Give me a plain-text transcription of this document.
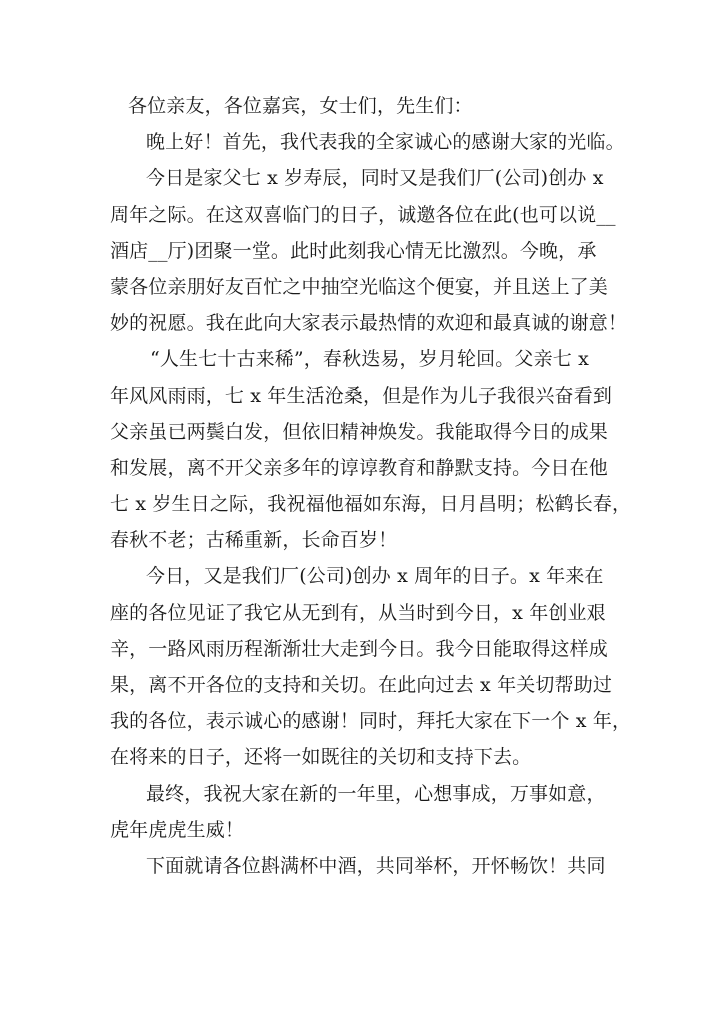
各位亲友，各位嘉宾，女士们，先生们：
晚上好！首先，我代表我的全家诚心的感谢大家的光临。
今日是家父七 x 岁寿辰，同时又是我们厂(公司)创办 x
周年之际。在这双喜临门的日子，诚邀各位在此(也可以说__
酒店__厅)团聚一堂。此时此刻我心情无比激烈。今晚，承
蒙各位亲朋好友百忙之中抽空光临这个便宴，并且送上了美
妙的祝愿。我在此向大家表示最热情的欢迎和最真诚的谢意！
“人生七十古来稀”，春秋迭易，岁月轮回。父亲七 x
年风风雨雨，七 x 年生活沧桑，但是作为儿子我很兴奋看到
父亲虽已两鬓白发，但依旧精神焕发。我能取得今日的成果
和发展，离不开父亲多年的谆谆教育和静默支持。今日在他
七 x 岁生日之际，我祝福他福如东海，日月昌明；松鹤长春，
春秋不老；古稀重新，长命百岁！
今日，又是我们厂(公司)创办 x 周年的日子。x 年来在
座的各位见证了我它从无到有，从当时到今日，x 年创业艰
辛，一路风雨历程渐渐壮大走到今日。我今日能取得这样成
果，离不开各位的支持和关切。在此向过去 x 年关切帮助过
我的各位，表示诚心的感谢！同时，拜托大家在下一个 x 年，
在将来的日子，还将一如既往的关切和支持下去。
最终，我祝大家在新的一年里，心想事成，万事如意，
虎年虎虎生威！
下面就请各位斟满杯中酒，共同举杯，开怀畅饮！共同
